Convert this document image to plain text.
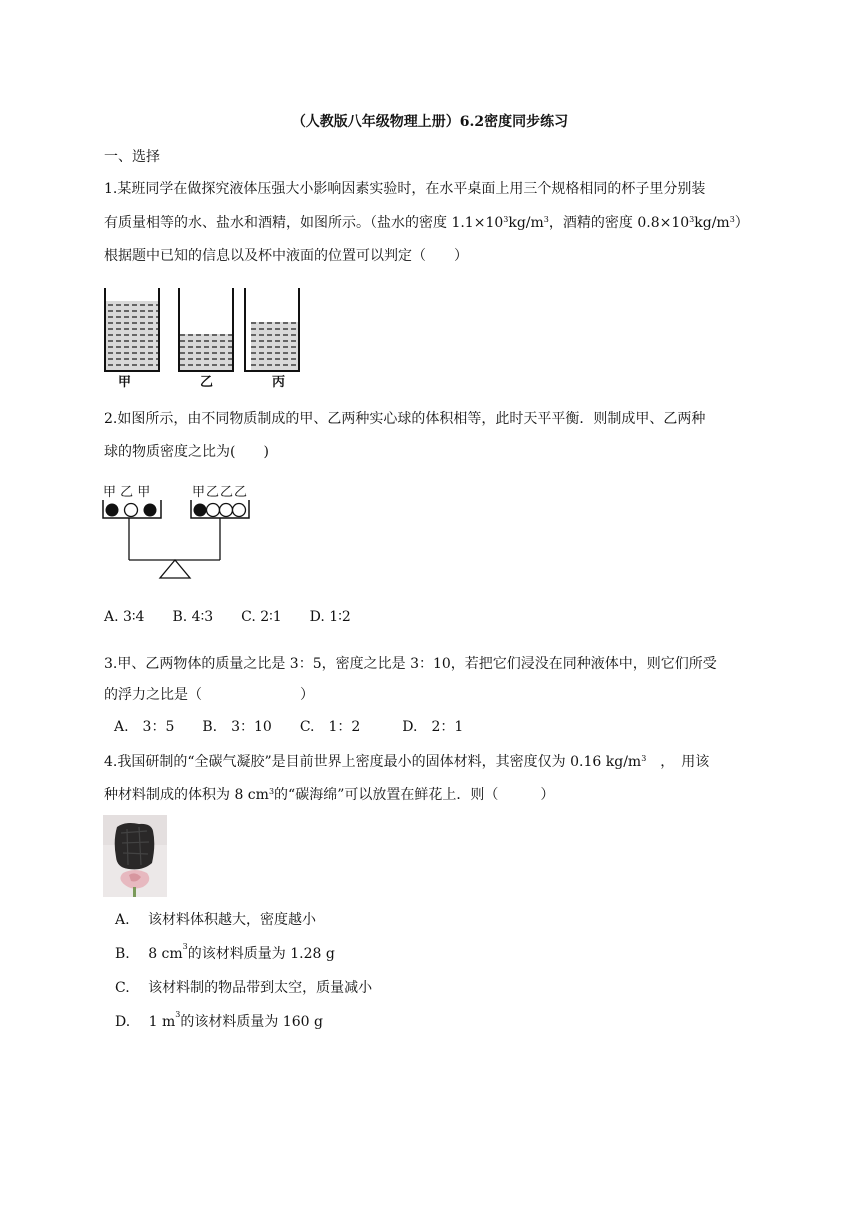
（人教版八年级物理上册）6.2密度同步练习
一、选择
1.某班同学在做探究液体压强大小影响因素实验时，在水平桌面上用三个规格相同的杯子里分别装
有质量相等的水、盐水和酒精，如图所示。（盐水的密度 $1.1\times 10^3kg/m^3$，酒精的密度 $0.8\times 10^3kg/m^3$）
根据题中已知的信息以及杯中液面的位置可以判定（　　）
甲	乙	丙
2.如图所示，由不同物质制成的甲、乙两种实心球的体积相等，此时天平平衡．则制成甲、乙两种
球的物质密度之比为(　　)
甲 乙 甲	甲乙乙乙
A. 3∶4　　B. 4∶3　　C. 2∶1　　D. 1∶2
3.甲、乙两物体的质量之比是 3：5，密度之比是 3：10，若把它们浸没在同种液体中，则它们所受
的浮力之比是（　　　　　　　）
A.　3：5　　B.　3：10　　C.　1：2　　　D.　2：1
4.我国研制的“全碳气凝胶”是目前世界上密度最小的固体材料，其密度仅为 0.16 $kg/m^3$　，　用该
种材料制成的体积为 8 $cm^3$的“碳海绵”可以放置在鲜花上．则（　　　）
A.　 该材料体积越大，密度越小
B.　 8 $cm^3$的该材料质量为 1.28 g
C.　 该材料制的物品带到太空，质量减小
D.　 1 $m^3$的该材料质量为 160 g
